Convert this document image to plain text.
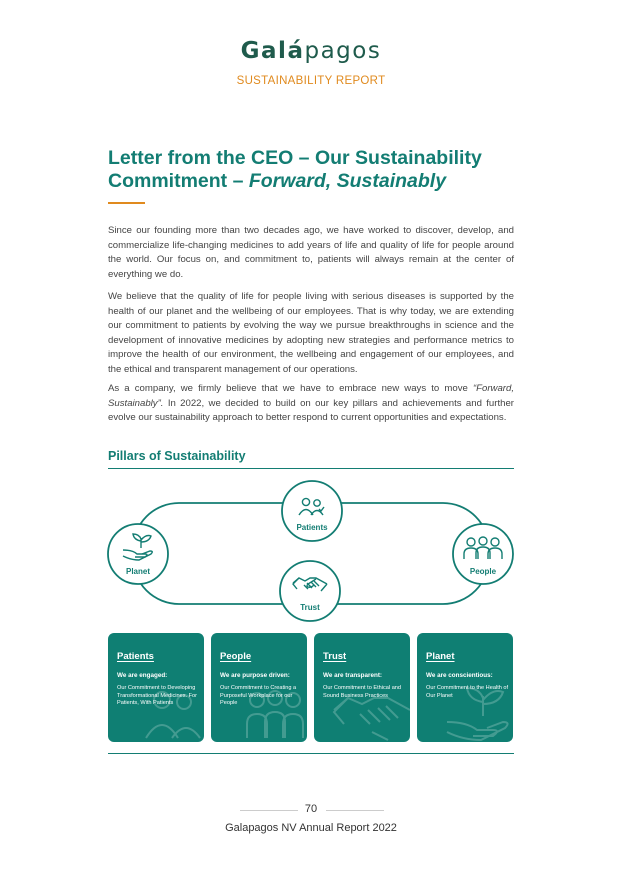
Galápagos
SUSTAINABILITY REPORT
Letter from the CEO – Our Sustainability
Commitment – Forward, Sustainably
Since our founding more than two decades ago, we have worked to discover, develop, and commercialize life-changing medicines to add years of life and quality of life for people around the world. Our focus on, and commitment to, patients will always remain at the center of everything we do.
We believe that the quality of life for people living with serious diseases is supported by the health of our planet and the wellbeing of our employees. That is why today, we are extending our commitment to patients by evolving the way we pursue breakthroughs in science and the development of innovative medicines by adopting new strategies and performance metrics to improve the health of our environment, the wellbeing and engagement of our employees, and the ethical and transparent management of our operations.
As a company, we firmly believe that we have to embrace new ways to move “Forward, Sustainably”. In 2022, we decided to build on our key pillars and achievements and further evolve our sustainability approach to better respond to current opportunities and expectations.
Pillars of Sustainability
Patients
Planet	People
Trust
Patients
We are engaged:
Our Commitment to Developing Transformational Medicines. For Patients, With Patients
People
We are purpose driven:
Our Commitment to Creating a Purposeful Workplace for our People
Trust
We are transparent:
Our Commitment to Ethical and Sound Business Practices
Planet
We are conscientious:
Our Commitment to the Health of Our Planet
70
Galapagos NV Annual Report 2022
